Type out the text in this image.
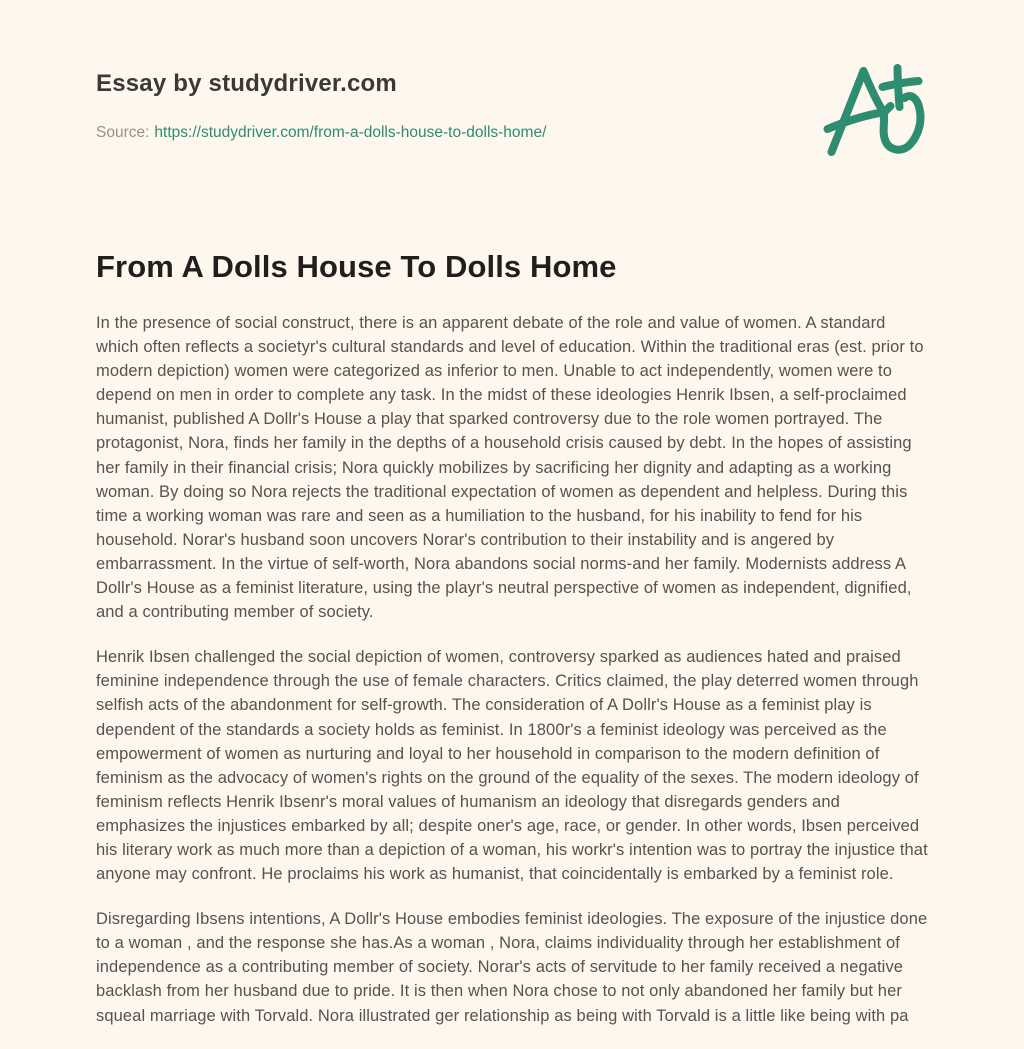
Essay by studydriver.com
Source: https://studydriver.com/from-a-dolls-house-to-dolls-home/
From A Dolls House To Dolls Home

In the presence of social construct, there is an apparent debate of the role and value of women. A standard which often reflects a societyr's cultural standards and level of education. Within the traditional eras (est. prior to modern depiction) women were categorized as inferior to men. Unable to act independently, women were to depend on men in order to complete any task. In the midst of these ideologies Henrik Ibsen, a self-proclaimed humanist, published A Dollr's House a play that sparked controversy due to the role women portrayed. The protagonist, Nora, finds her family in the depths of a household crisis caused by debt. In the hopes of assisting her family in their financial crisis; Nora quickly mobilizes by sacrificing her dignity and adapting as a working woman. By doing so Nora rejects the traditional expectation of women as dependent and helpless. During this time a working woman was rare and seen as a humiliation to the husband, for his inability to fend for his household. Norar's husband soon uncovers Norar's contribution to their instability and is angered by embarrassment. In the virtue of self-worth, Nora abandons social norms-and her family. Modernists address A Dollr's House as a feminist literature, using the playr's neutral perspective of women as independent, dignified, and a contributing member of society.

Henrik Ibsen challenged the social depiction of women, controversy sparked as audiences hated and praised feminine independence through the use of female characters. Critics claimed, the play deterred women through selfish acts of the abandonment for self-growth. The consideration of A Dollr's House as a feminist play is dependent of the standards a society holds as feminist. In 1800r's a feminist ideology was perceived as the empowerment of women as nurturing and loyal to her household in comparison to the modern definition of feminism as the advocacy of women's rights on the ground of the equality of the sexes. The modern ideology of feminism reflects Henrik Ibsenr's moral values of humanism an ideology that disregards genders and emphasizes the injustices embarked by all; despite oner's age, race, or gender. In other words, Ibsen perceived his literary work as much more than a depiction of a woman, his workr's intention was to portray the injustice that anyone may confront. He proclaims his work as humanist, that coincidentally is embarked by a feminist role.

Disregarding Ibsens intentions, A Dollr's House embodies feminist ideologies. The exposure of the injustice done to a woman , and the response she has.As a woman , Nora, claims individuality through her establishment of independence as a contributing member of society. Norar's acts of servitude to her family received a negative backlash from her husband due to pride. It is then when Nora chose to not only abandoned her family but her squeal marriage with Torvald. Nora illustrated ger relationship as being with Torvald is a little like being with pa
